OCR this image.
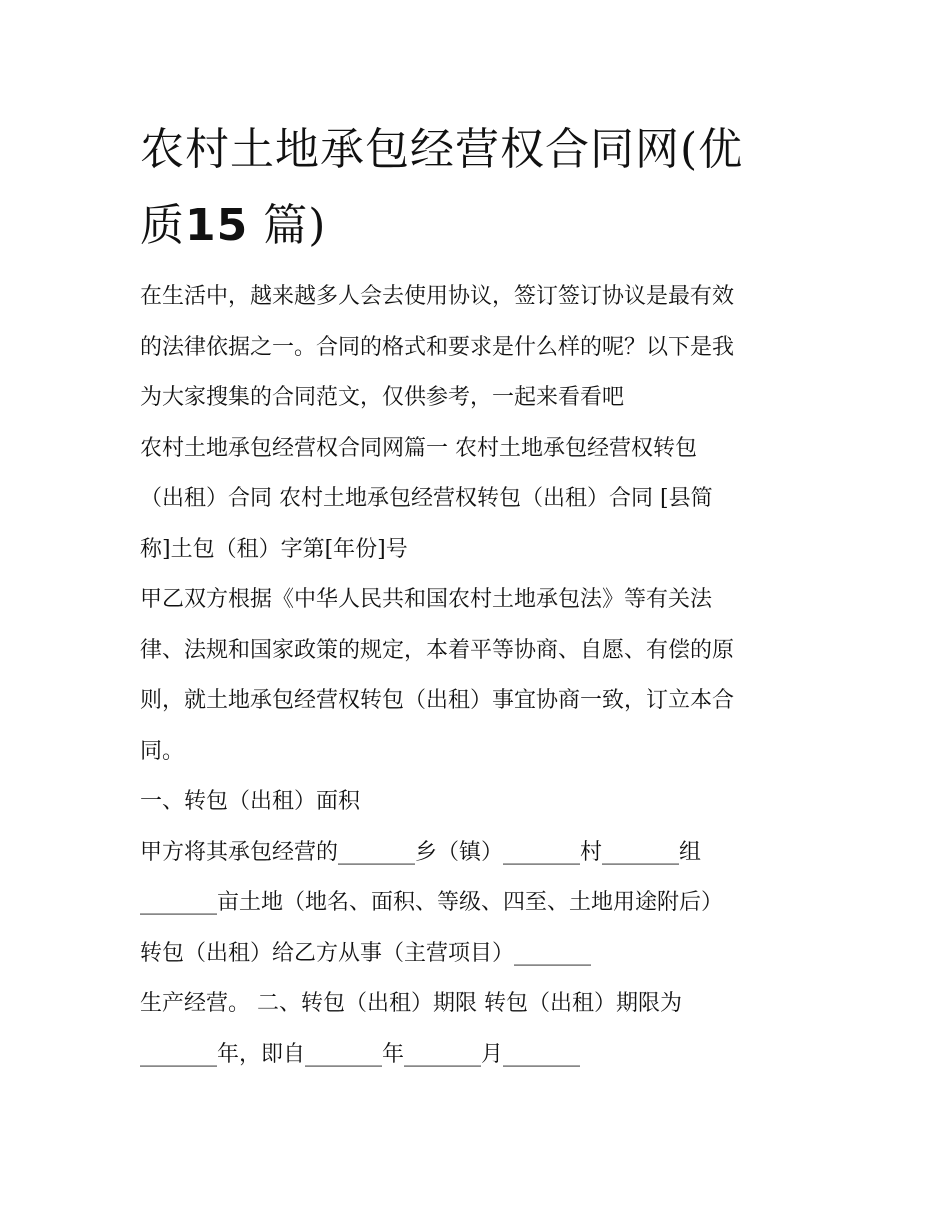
农村土地承包经营权合同网(优
质15 篇)

在生活中，越来越多人会去使用协议，签订签订协议是最有效
的法律依据之一。合同的格式和要求是什么样的呢？以下是我
为大家搜集的合同范文，仅供参考，一起来看看吧

农村土地承包经营权合同网篇一 农村土地承包经营权转包
（出租）合同 农村土地承包经营权转包（出租）合同 [县简
称]土包（租）字第[年份]号

甲乙双方根据《中华人民共和国农村土地承包法》等有关法
律、法规和国家政策的规定，本着平等协商、自愿、有偿的原
则，就土地承包经营权转包（出租）事宜协商一致，订立本合
同。

一、转包（出租）面积

甲方将其承包经营的_______乡（镇）_______村_______组
_______亩土地（地名、面积、等级、四至、土地用途附后）
转包（出租）给乙方从事（主营项目）_______

生产经营。 二、转包（出租）期限 转包（出租）期限为
_______年，即自_______年_______月_______
